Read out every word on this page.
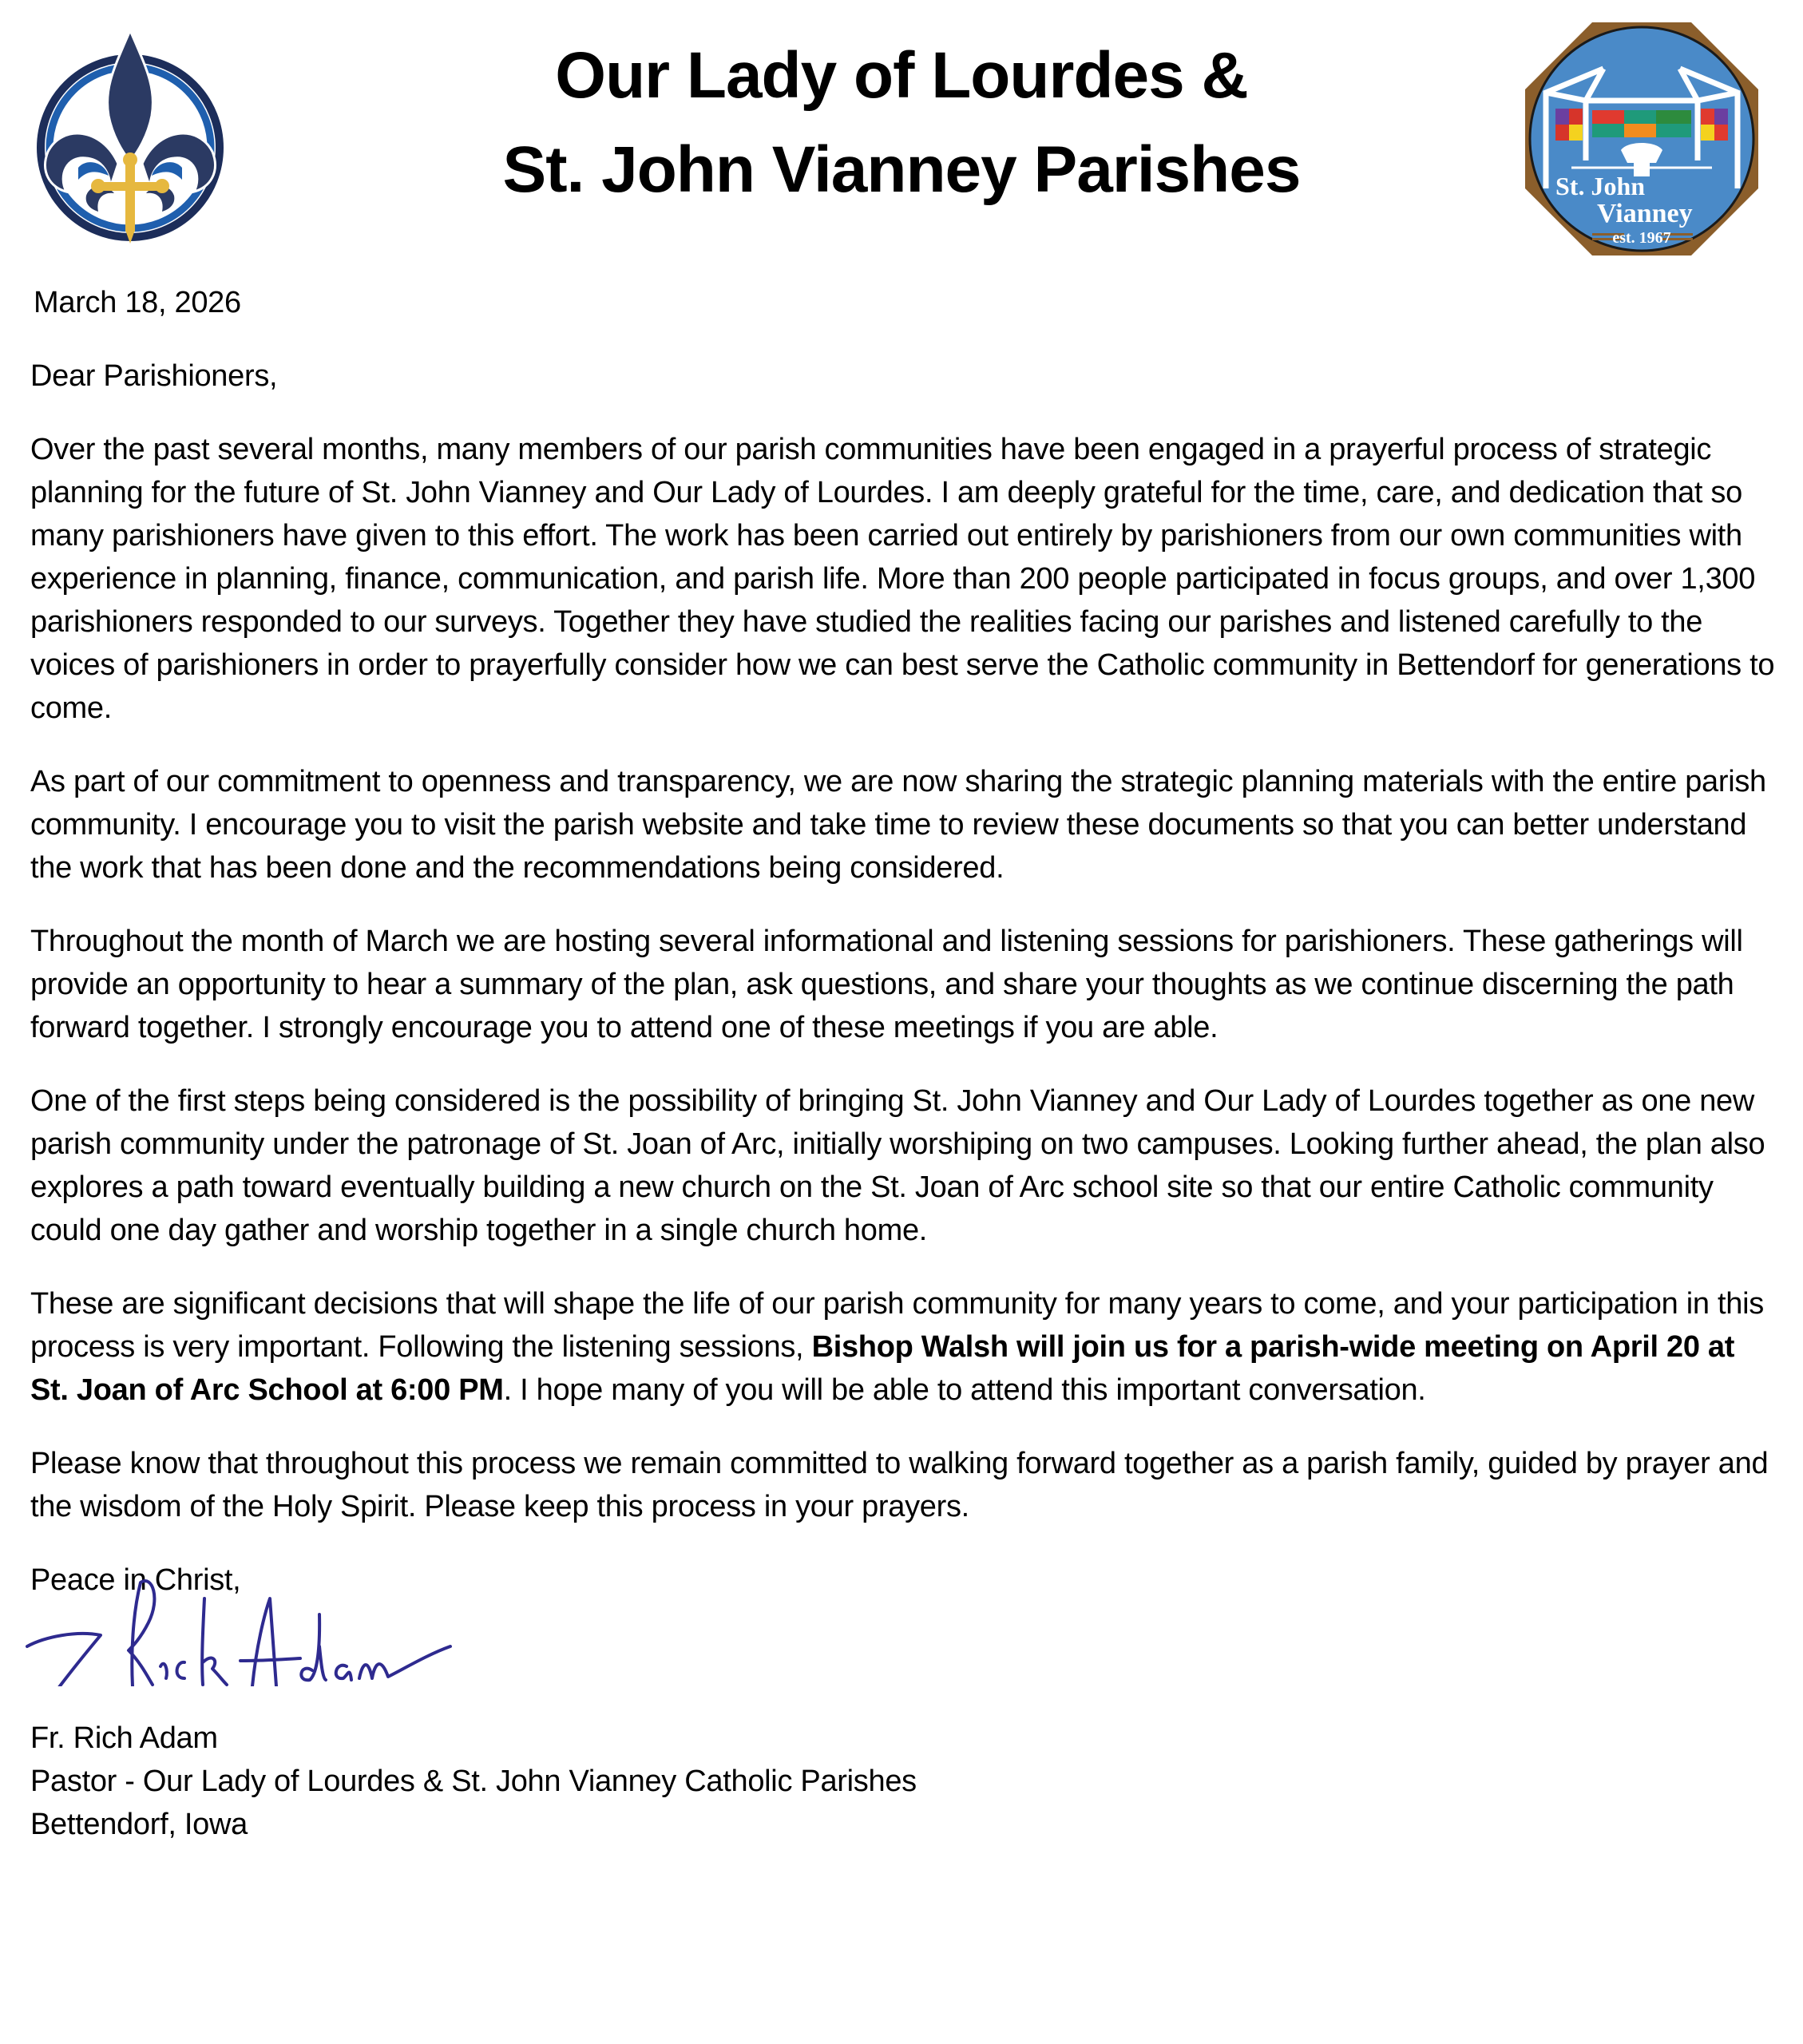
Our Lady of Lourdes &
St. John Vianney Parishes	St. John
Vianney
est. 1967
March 18, 2026
Dear Parishioners,

Over the past several months, many members of our parish communities have been engaged in a prayerful process of strategic planning for the future of St. John Vianney and Our Lady of Lourdes. I am deeply grateful for the time, care, and dedication that so many parishioners have given to this effort. The work has been carried out entirely by parishioners from our own communities with experience in planning, finance, communication, and parish life. More than 200 people participated in focus groups, and over 1,300 parishioners responded to our surveys. Together they have studied the realities facing our parishes and listened carefully to the voices of parishioners in order to prayerfully consider how we can best serve the Catholic community in Bettendorf for generations to come.

As part of our commitment to openness and transparency, we are now sharing the strategic planning materials with the entire parish community. I encourage you to visit the parish website and take time to review these documents so that you can better understand the work that has been done and the recommendations being considered.

Throughout the month of March we are hosting several informational and listening sessions for parishioners. These gatherings will provide an opportunity to hear a summary of the plan, ask questions, and share your thoughts as we continue discerning the path forward together. I strongly encourage you to attend one of these meetings if you are able.

One of the first steps being considered is the possibility of bringing St. John Vianney and Our Lady of Lourdes together as one new parish community under the patronage of St. Joan of Arc, initially worshiping on two campuses. Looking further ahead, the plan also explores a path toward eventually building a new church on the St. Joan of Arc school site so that our entire Catholic community could one day gather and worship together in a single church home.

These are significant decisions that will shape the life of our parish community for many years to come, and your participation in this process is very important. Following the listening sessions, Bishop Walsh will join us for a parish-wide meeting on April 20 at St. Joan of Arc School at 6:00 PM. I hope many of you will be able to attend this important conversation.

Please know that throughout this process we remain committed to walking forward together as a parish family, guided by prayer and the wisdom of the Holy Spirit. Please keep this process in your prayers.

Peace in Christ,
Fr. Rich Adam
Pastor - Our Lady of Lourdes & St. John Vianney Catholic Parishes
Bettendorf, Iowa
